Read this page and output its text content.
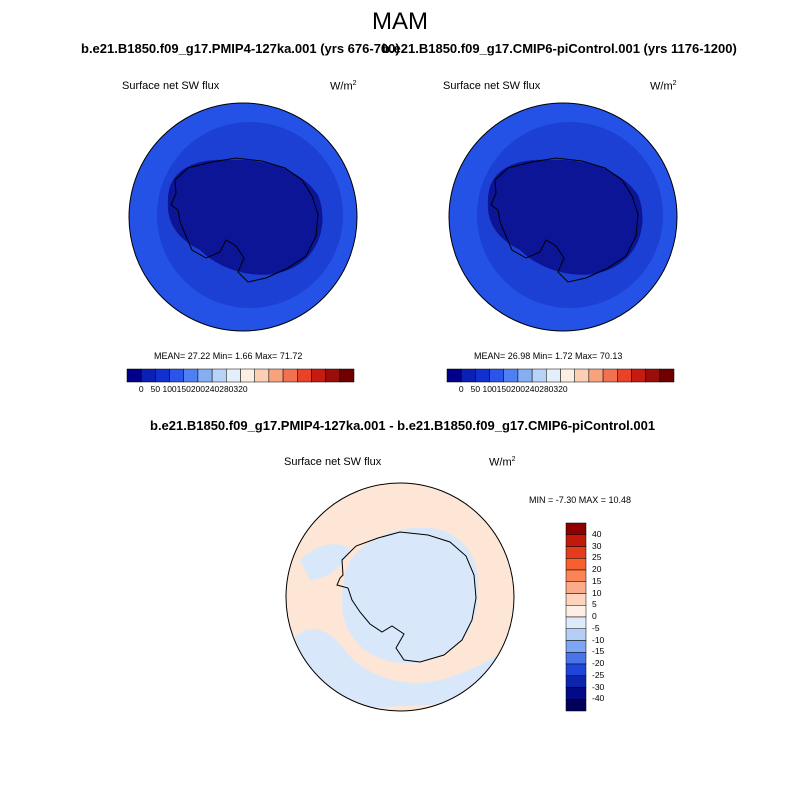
MAM
b.e21.B1850.f09_g17.PMIP4-127ka.001 (yrs 676-700)
b.e21.B1850.f09_g17.CMIP6-piControl.001 (yrs 1176-1200)
Surface net SW flux	$W/m^2$	Surface net SW flux	$W/m^2$
MEAN= 27.22 Min= 1.66 Max= 71.72	MEAN= 26.98 Min= 1.72 Max= 70.13
b.e21.B1850.f09_g17.PMIP4-127ka.001 - b.e21.B1850.f09_g17.CMIP6-piControl.001
Surface net SW flux	$W/m^2$
MIN = -7.30 MAX = 10.48
0 50 100 150 200 240 280 320	0 50 100 150 200 240 280 320
40
30
25
20
15
10
5
0
-5
-10
-15
-20
-25
-30
-40
